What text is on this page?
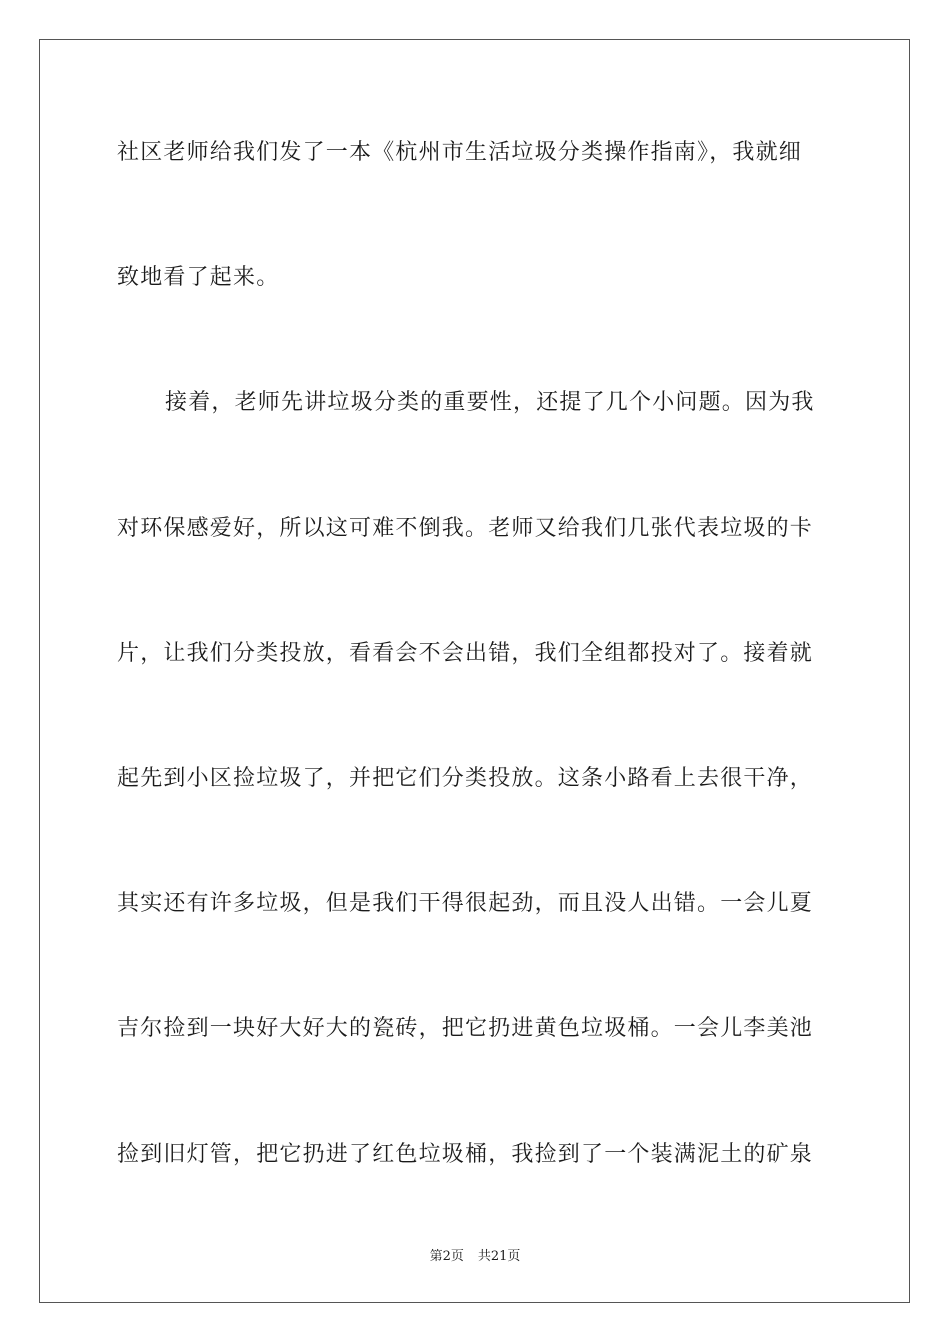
社区老师给我们发了一本《杭州市生活垃圾分类操作指南》，我就细
致地看了起来。
接着，老师先讲垃圾分类的重要性，还提了几个小问题。因为我
对环保感爱好，所以这可难不倒我。老师又给我们几张代表垃圾的卡
片，让我们分类投放，看看会不会出错，我们全组都投对了。接着就
起先到小区捡垃圾了，并把它们分类投放。这条小路看上去很干净，
其实还有许多垃圾，但是我们干得很起劲，而且没人出错。一会儿夏
吉尔捡到一块好大好大的瓷砖，把它扔进黄色垃圾桶。一会儿李美池
捡到旧灯管，把它扔进了红色垃圾桶，我捡到了一个装满泥土的矿泉
第2页 共21页
